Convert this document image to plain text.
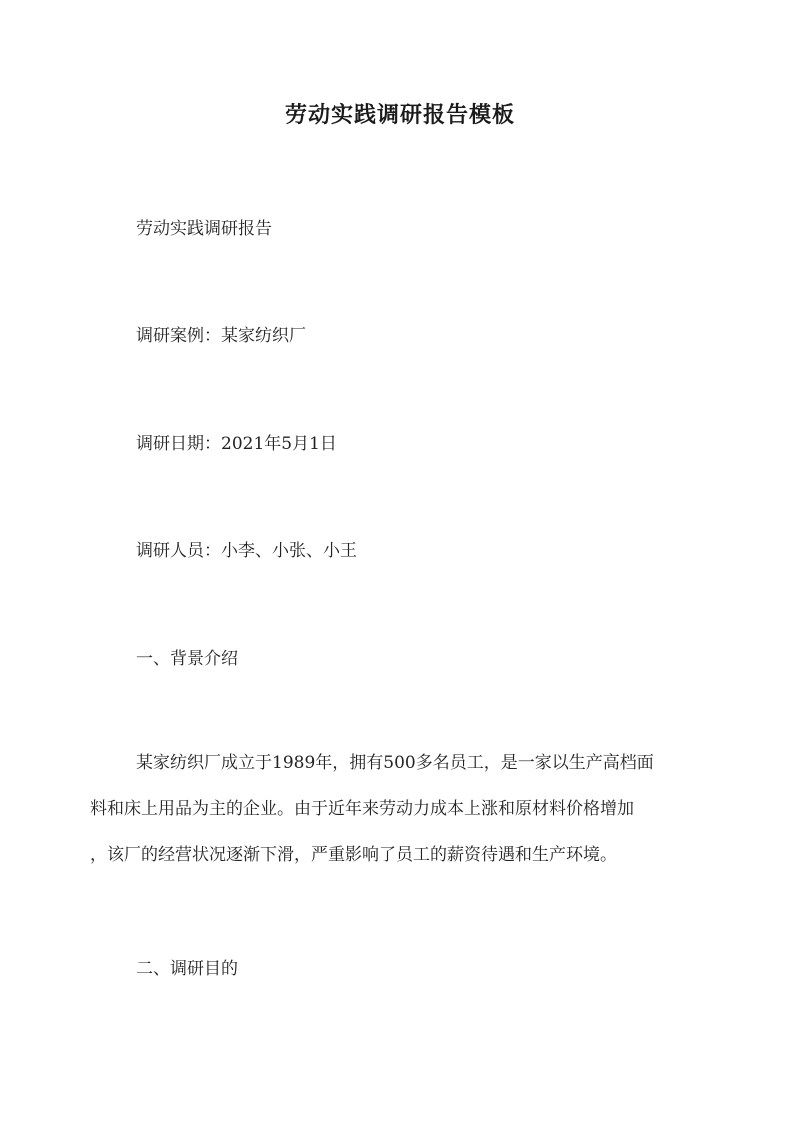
劳动实践调研报告模板
劳动实践调研报告
调研案例：某家纺织厂
调研日期：2021年5月1日
调研人员：小李、小张、小王
一、背景介绍
某家纺织厂成立于1989年，拥有500多名员工，是一家以生产高档面
料和床上用品为主的企业。由于近年来劳动力成本上涨和原材料价格增加
，该厂的经营状况逐渐下滑，严重影响了员工的薪资待遇和生产环境。
二、调研目的
